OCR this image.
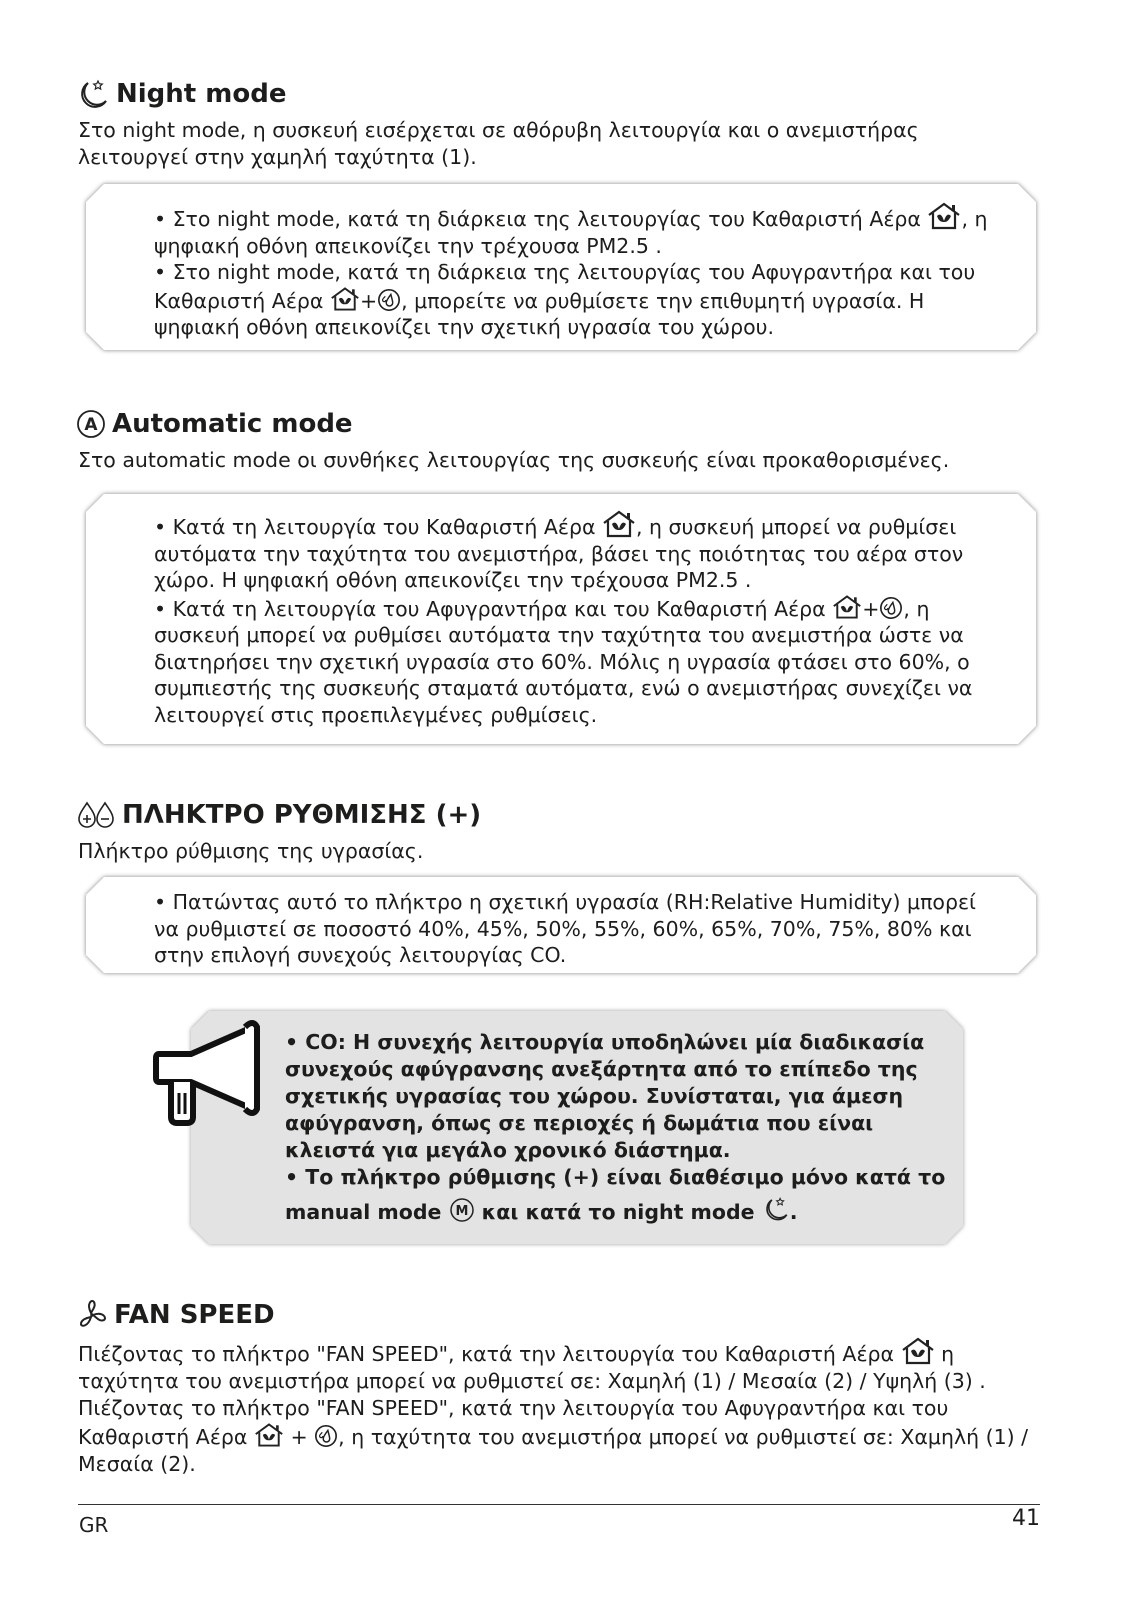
Night mode
Στο night mode, η συσκευή εισέρχεται σε αθόρυβη λειτουργία και ο ανεμιστήρας
λειτουργεί στην χαμηλή ταχύτητα (1).
• Στο night mode, κατά τη διάρκεια της λειτουργίας του Καθαριστή Αέρα , η
ψηφιακή οθόνη απεικονίζει την τρέχουσα PM2.5 .
• Στο night mode, κατά τη διάρκεια της λειτουργίας του Αφυγραντήρα και του
Καθαριστή Αέρα + , μπορείτε να ρυθμίσετε την επιθυμητή υγρασία. Η
ψηφιακή οθόνη απεικονίζει την σχετική υγρασία του χώρου.
A Automatic mode
Στο automatic mode οι συνθήκες λειτουργίας της συσκευής είναι προκαθορισμένες.
• Κατά τη λειτουργία του Καθαριστή Αέρα , η συσκευή μπορεί να ρυθμίσει
αυτόματα την ταχύτητα του ανεμιστήρα, βάσει της ποιότητας του αέρα στον
χώρο. Η ψηφιακή οθόνη απεικονίζει την τρέχουσα PM2.5 .
• Κατά τη λειτουργία του Αφυγραντήρα και του Καθαριστή Αέρα + , η
συσκευή μπορεί να ρυθμίσει αυτόματα την ταχύτητα του ανεμιστήρα ώστε να
διατηρήσει την σχετική υγρασία στο 60%. Μόλις η υγρασία φτάσει στο 60%, ο
συμπιεστής της συσκευής σταματά αυτόματα, ενώ ο ανεμιστήρας συνεχίζει να
λειτουργεί στις προεπιλεγμένες ρυθμίσεις.
ΠΛΗΚΤΡΟ ΡΥΘΜΙΣΗΣ (+)
Πλήκτρο ρύθμισης της υγρασίας.
• Πατώντας αυτό το πλήκτρο η σχετική υγρασία (RH:Relative Humidity) μπορεί
να ρυθμιστεί σε ποσοστό 40%, 45%, 50%, 55%, 60%, 65%, 70%, 75%, 80% και
στην επιλογή συνεχούς λειτουργίας CO.
• CO: Η συνεχής λειτουργία υποδηλώνει μία διαδικασία
συνεχούς αφύγρανσης ανεξάρτητα από το επίπεδο της
σχετικής υγρασίας του χώρου. Συνίσταται, για άμεση
αφύγρανση, όπως σε περιοχές ή δωμάτια που είναι
κλειστά για μεγάλο χρονικό διάστημα.
• Το πλήκτρο ρύθμισης (+) είναι διαθέσιμο μόνο κατά το
manual mode M και κατά το night mode .
FAN SPEED
Πιέζοντας το πλήκτρο "FAN SPEED", κατά την λειτουργία του Καθαριστή Αέρα  η
ταχύτητα του ανεμιστήρα μπορεί να ρυθμιστεί σε: Χαμηλή (1) / Μεσαία (2) / Υψηλή (3) .
Πιέζοντας το πλήκτρο "FAN SPEED", κατά την λειτουργία του Αφυγραντήρα και του
Καθαριστή Αέρα  + , η ταχύτητα του ανεμιστήρα μπορεί να ρυθμιστεί σε: Χαμηλή (1) /
Μεσαία (2).
GR	41
